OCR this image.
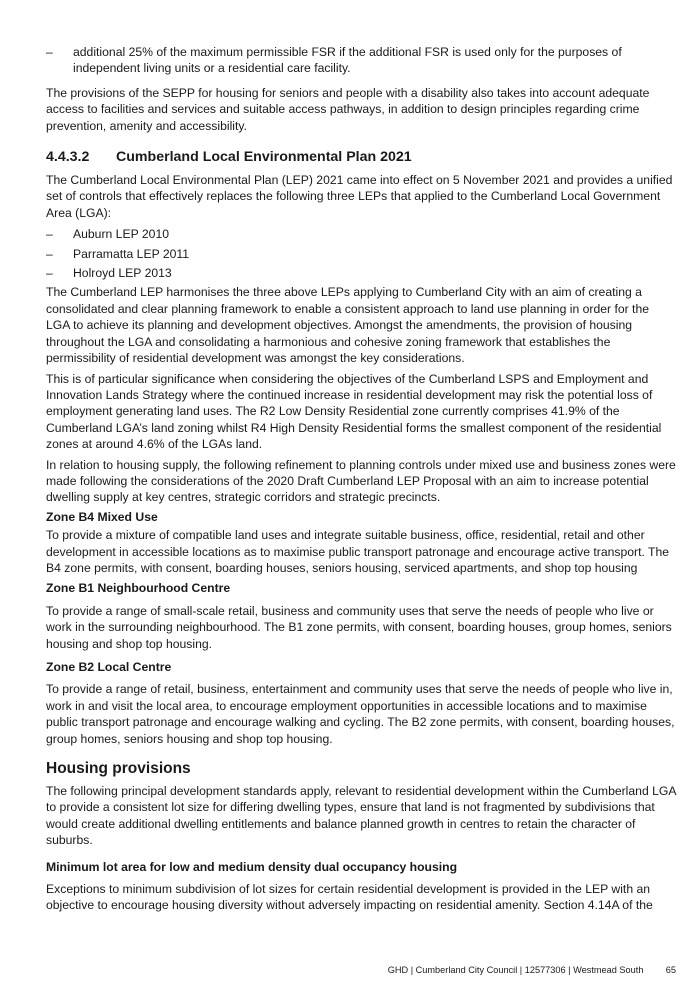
– additional 25% of the maximum permissible FSR if the additional FSR is used only for the purposes of independent living units or a residential care facility.

The provisions of the SEPP for housing for seniors and people with a disability also takes into account adequate access to facilities and services and suitable access pathways, in addition to design principles regarding crime prevention, amenity and accessibility.

4.4.3.2	Cumberland Local Environmental Plan 2021

The Cumberland Local Environmental Plan (LEP) 2021 came into effect on 5 November 2021 and provides a unified set of controls that effectively replaces the following three LEPs that applied to the Cumberland Local Government Area (LGA):

– Auburn LEP 2010
– Parramatta LEP 2011
– Holroyd LEP 2013

The Cumberland LEP harmonises the three above LEPs applying to Cumberland City with an aim of creating a consolidated and clear planning framework to enable a consistent approach to land use planning in order for the LGA to achieve its planning and development objectives. Amongst the amendments, the provision of housing throughout the LGA and consolidating a harmonious and cohesive zoning framework that establishes the permissibility of residential development was amongst the key considerations.

This is of particular significance when considering the objectives of the Cumberland LSPS and Employment and Innovation Lands Strategy where the continued increase in residential development may risk the potential loss of employment generating land uses. The R2 Low Density Residential zone currently comprises 41.9% of the Cumberland LGA’s land zoning whilst R4 High Density Residential forms the smallest component of the residential zones at around 4.6% of the LGAs land.

In relation to housing supply, the following refinement to planning controls under mixed use and business zones were made following the considerations of the 2020 Draft Cumberland LEP Proposal with an aim to increase potential dwelling supply at key centres, strategic corridors and strategic precincts.

Zone B4 Mixed Use

To provide a mixture of compatible land uses and integrate suitable business, office, residential, retail and other development in accessible locations as to maximise public transport patronage and encourage active transport. The B4 zone permits, with consent, boarding houses, seniors housing, serviced apartments, and shop top housing

Zone B1 Neighbourhood Centre

To provide a range of small-scale retail, business and community uses that serve the needs of people who live or work in the surrounding neighbourhood. The B1 zone permits, with consent, boarding houses, group homes, seniors housing and shop top housing.

Zone B2 Local Centre

To provide a range of retail, business, entertainment and community uses that serve the needs of people who live in, work in and visit the local area, to encourage employment opportunities in accessible locations and to maximise public transport patronage and encourage walking and cycling. The B2 zone permits, with consent, boarding houses, group homes, seniors housing and shop top housing.

Housing provisions

The following principal development standards apply, relevant to residential development within the Cumberland LGA to provide a consistent lot size for differing dwelling types, ensure that land is not fragmented by subdivisions that would create additional dwelling entitlements and balance planned growth in centres to retain the character of suburbs.

Minimum lot area for low and medium density dual occupancy housing

Exceptions to minimum subdivision of lot sizes for certain residential development is provided in the LEP with an objective to encourage housing diversity without adversely impacting on residential amenity. Section 4.14A of the

GHD | Cumberland City Council | 12577306 | Westmead South 65
